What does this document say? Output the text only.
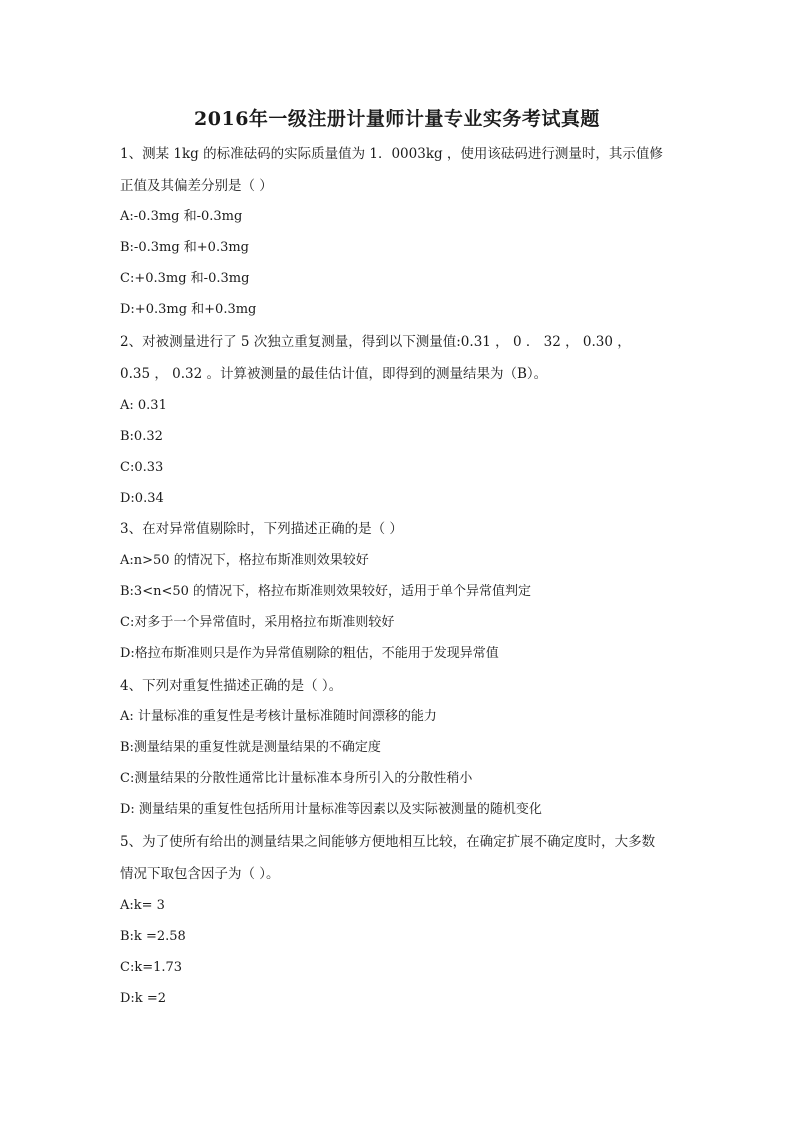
2016年一级注册计量师计量专业实务考试真题
1、测某 1kg 的标准砝码的实际质量值为 1．0003kg ，使用该砝码进行测量时，其示值修
正值及其偏差分别是（ ）
A:-0.3mg 和-0.3mg
B:-0.3mg 和+0.3mg
C:+0.3mg 和-0.3mg
D:+0.3mg 和+0.3mg
2、对被测量进行了 5 次独立重复测量，得到以下测量值:0.31 ， 0 ． 32 ， 0.30 ，
0.35 ， 0.32 。计算被测量的最佳估计值，即得到的测量结果为（B）。
A: 0.31
B:0.32
C:0.33
D:0.34
3、在对异常值剔除时，下列描述正确的是（ ）
A:n>50 的情况下，格拉布斯准则效果较好
B:3<n<50 的情况下，格拉布斯准则效果较好，适用于单个异常值判定
C:对多于一个异常值时，采用格拉布斯准则较好
D:格拉布斯准则只是作为异常值剔除的粗估，不能用于发现异常值
4、下列对重复性描述正确的是（ ）。
A: 计量标准的重复性是考核计量标准随时间漂移的能力
B:测量结果的重复性就是测量结果的不确定度
C:测量结果的分散性通常比计量标准本身所引入的分散性稍小
D: 测量结果的重复性包括所用计量标准等因素以及实际被测量的随机变化
5、为了使所有给出的测量结果之间能够方便地相互比较，在确定扩展不确定度时，大多数
情况下取包含因子为（ ）。
A:k= 3
B:k =2.58
C:k=1.73
D:k =2
